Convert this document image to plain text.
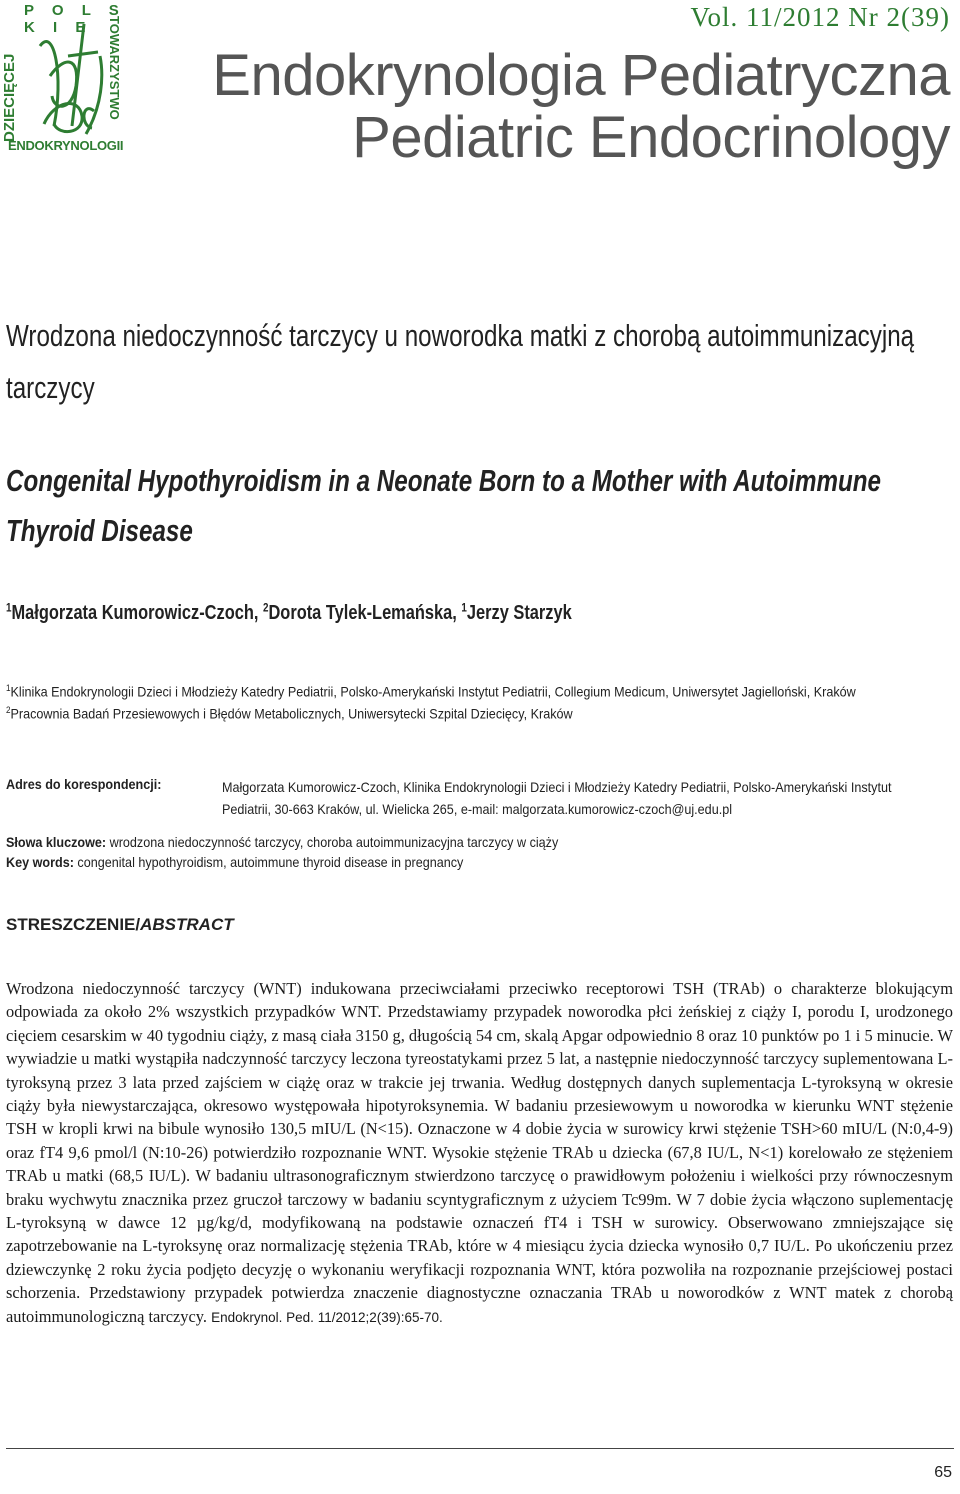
P O L S K I E
DZIECIĘCEJ	TOWARZYSTWO
ENDOKRYNOLOGII
Vol. 11/2012 Nr 2(39)
Endokrynologia Pediatryczna
Pediatric Endocrinology
Wrodzona niedoczynność tarczycy u noworodka matki z chorobą autoimmunizacyjną tarczycy
Congenital Hypothyroidism in a Neonate Born to a Mother with Autoimmune Thyroid Disease
$^1$Małgorzata Kumorowicz-Czoch, $^2$Dorota Tylek-Lemańska, $^1$Jerzy Starzyk
$^1$Klinika Endokrynologii Dzieci i Młodzieży Katedry Pediatrii, Polsko-Amerykański Instytut Pediatrii, Collegium Medicum, Uniwersytet Jagielloński, Kraków
$^2$Pracownia Badań Przesiewowych i Błędów Metabolicznych, Uniwersytecki Szpital Dziecięcy, Kraków
Adres do korespondencji:	Małgorzata Kumorowicz-Czoch, Klinika Endokrynologii Dzieci i Młodzieży Katedry Pediatrii, Polsko-Amerykański Instytut Pediatrii, 30-663 Kraków, ul. Wielicka 265, e-mail: malgorzata.kumorowicz-czoch@uj.edu.pl
Słowa kluczowe: wrodzona niedoczynność tarczycy, choroba autoimmunizacyjna tarczycy w ciąży
Key words: congenital hypothyroidism, autoimmune thyroid disease in pregnancy
STRESZCZENIE/ABSTRACT
Wrodzona niedoczynność tarczycy (WNT) indukowana przeciwciałami przeciwko receptorowi TSH (TRAb) o charakterze blokującym odpowiada za około 2% wszystkich przypadków WNT. Przedstawiamy przypadek noworodka płci żeńskiej z ciąży I, porodu I, urodzonego cięciem cesarskim w 40 tygodniu ciąży, z masą ciała 3150 g, długością 54 cm, skalą Apgar odpowiednio 8 oraz 10 punktów po 1 i 5 minucie. W wywiadzie u matki wystąpiła nadczynność tarczycy leczona tyreostatykami przez 5 lat, a następnie niedoczynność tarczycy suplementowana L-tyroksyną przez 3 lata przed zajściem w ciążę oraz w trakcie jej trwania. Według dostępnych danych suplementacja L-tyroksyną w okresie ciąży była niewystarczająca, okresowo występowała hipotyroksynemia. W badaniu przesiewowym u noworodka w kierunku WNT stężenie TSH w kropli krwi na bibule wynosiło 130,5 mIU/L (N<15). Oznaczone w 4 dobie życia w surowicy krwi stężenie TSH>60 mIU/L (N:0,4-9) oraz fT4 9,6 pmol/l (N:10-26) potwierdziło rozpoznanie WNT. Wysokie stężenie TRAb u dziecka (67,8 IU/L, N<1) korelowało ze stężeniem TRAb u matki (68,5 IU/L). W badaniu ultrasonograficznym stwierdzono tarczycę o prawidłowym położeniu i wielkości przy równoczesnym braku wychwytu znacznika przez gruczoł tarczowy w badaniu scyntygraficznym z użyciem Tc99m. W 7 dobie życia włączono suplementację L-tyroksyną w dawce 12 µg/kg/d, modyfikowaną na podstawie oznaczeń fT4 i TSH w surowicy. Obserwowano zmniejszające się zapotrzebowanie na L-tyroksynę oraz normalizację stężenia TRAb, które w 4 miesiącu życia dziecka wynosiło 0,7 IU/L. Po ukończeniu przez dziewczynkę 2 roku życia podjęto decyzję o wykonaniu weryfikacji rozpoznania WNT, która pozwoliła na rozpoznanie przejściowej postaci schorzenia. Przedstawiony przypadek potwierdza znaczenie diagnostyczne oznaczania TRAb u noworodków z WNT matek z chorobą autoimmunologiczną tarczycy. Endokrynol. Ped. 11/2012;2(39):65-70.
65
